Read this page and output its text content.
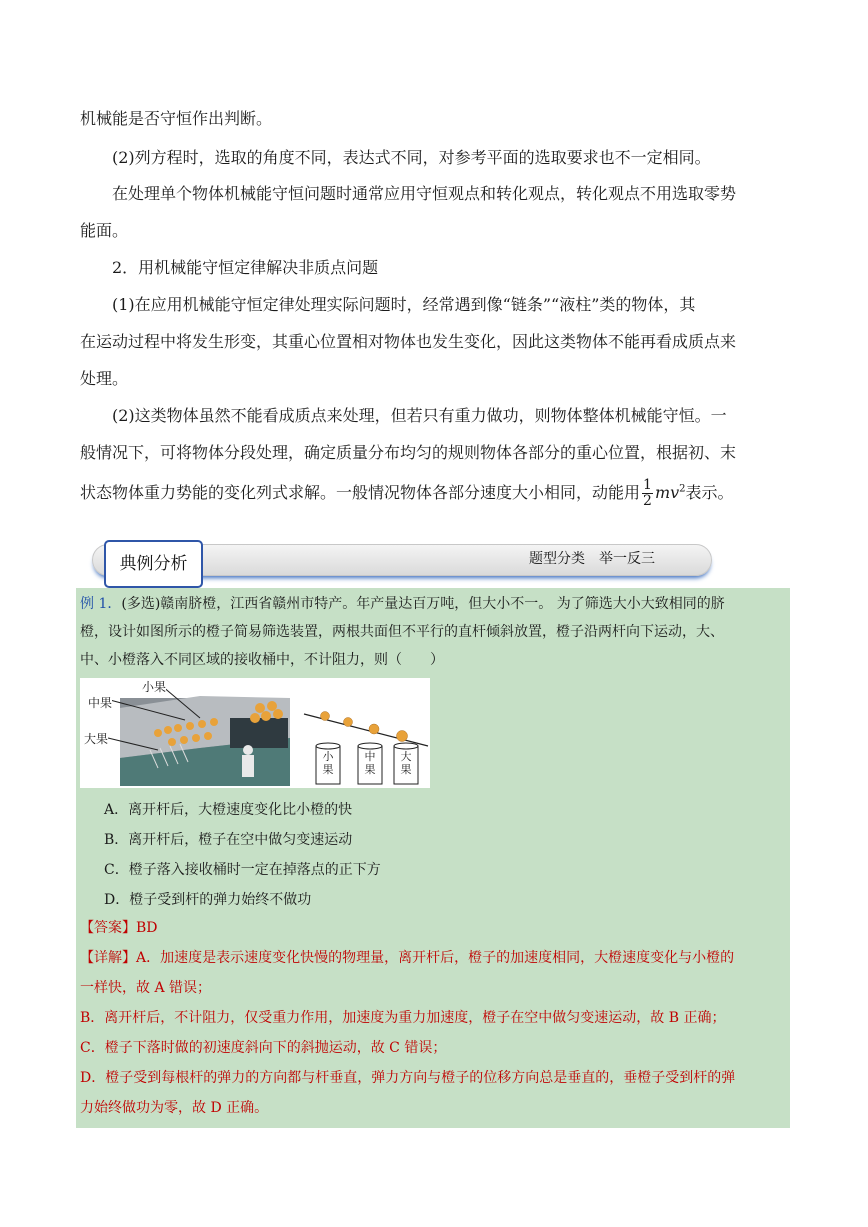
机械能是否守恒作出判断。
(2)列方程时，选取的角度不同，表达式不同，对参考平面的选取要求也不一定相同。
在处理单个物体机械能守恒问题时通常应用守恒观点和转化观点，转化观点不用选取零势
能面。
2．用机械能守恒定律解决非质点问题
(1)在应用机械能守恒定律处理实际问题时，经常遇到像“链条”“液柱”类的物体，其
在运动过程中将发生形变，其重心位置相对物体也发生变化，因此这类物体不能再看成质点来
处理。
(2)这类物体虽然不能看成质点来处理，但若只有重力做功，则物体整体机械能守恒。一
般情况下，可将物体分段处理，确定质量分布均匀的规则物体各部分的重心位置，根据初、末
状态物体重力势能的变化列式求解。一般情况物体各部分速度大小相同，动能用 $\frac{1}{2} mv^2$表示。
典例分析	题型分类　举一反三
例 1．(多选)赣南脐橙，江西省赣州市特产。年产量达百万吨，但大小不一。 为了筛选大小大致相同的脐
橙，设计如图所示的橙子简易筛选装置，两根共面但不平行的直杆倾斜放置，橙子沿两杆向下运动，大、
中、小橙落入不同区域的接收桶中，不计阻力，则（　　）
中果
小果
大果
小果
中果
大果
A．离开杆后，大橙速度变化比小橙的快
B．离开杆后，橙子在空中做匀变速运动
C．橙子落入接收桶时一定在掉落点的正下方
D．橙子受到杆的弹力始终不做功
【答案】BD
【详解】A．加速度是表示速度变化快慢的物理量，离开杆后，橙子的加速度相同，大橙速度变化与小橙的
一样快，故 A 错误；
B．离开杆后，不计阻力，仅受重力作用，加速度为重力加速度，橙子在空中做匀变速运动，故 B 正确；
C．橙子下落时做的初速度斜向下的斜抛运动，故 C 错误；
D．橙子受到每根杆的弹力的方向都与杆垂直，弹力方向与橙子的位移方向总是垂直的，垂橙子受到杆的弹
力始终做功为零，故 D 正确。
